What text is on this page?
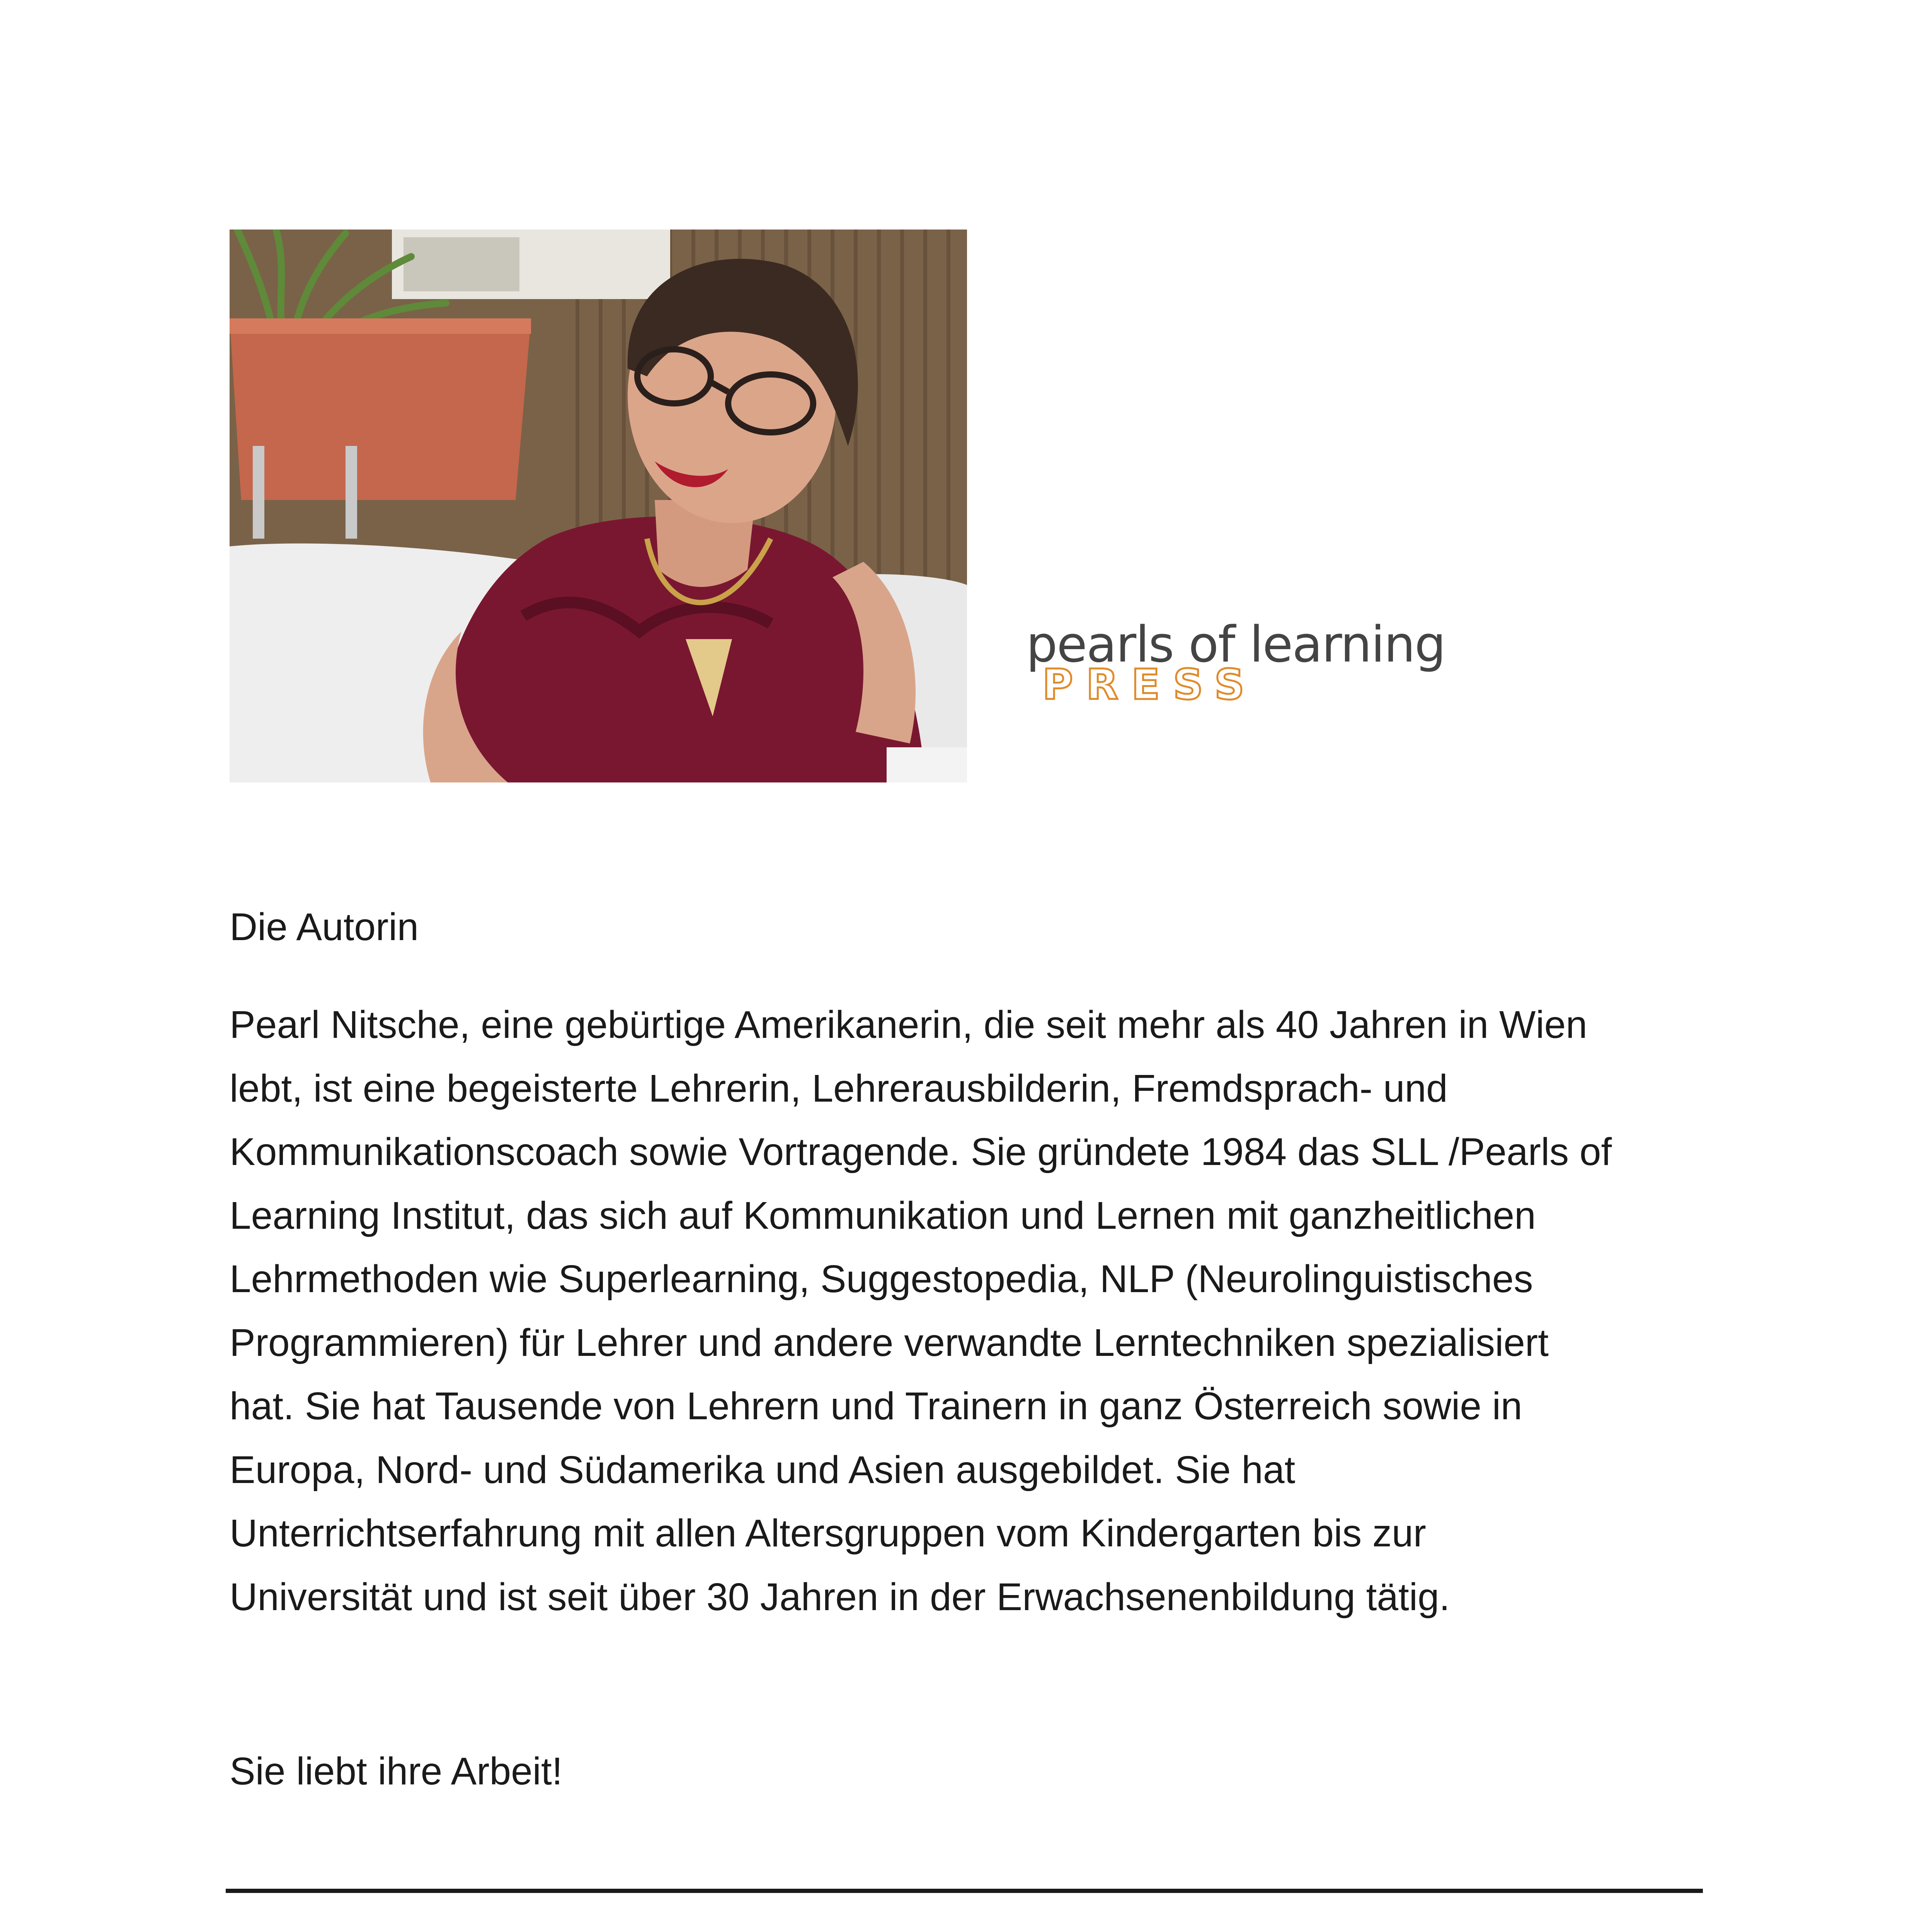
pearls of learning
PRESS
Die Autorin

Pearl Nitsche, eine gebürtige Amerikanerin, die seit mehr als 40 Jahren in Wien
lebt, ist eine begeisterte Lehrerin, Lehrerausbilderin, Fremdsprach- und
Kommunikationscoach sowie Vortragende. Sie gründete 1984 das SLL /Pearls of
Learning Institut, das sich auf Kommunikation und Lernen mit ganzheitlichen
Lehrmethoden wie Superlearning, Suggestopedia, NLP (Neurolinguistisches
Programmieren) für Lehrer und andere verwandte Lerntechniken spezialisiert
hat. Sie hat Tausende von Lehrern und Trainern in ganz Österreich sowie in
Europa, Nord- und Südamerika und Asien ausgebildet. Sie hat
Unterrichtserfahrung mit allen Altersgruppen vom Kindergarten bis zur
Universität und ist seit über 30 Jahren in der Erwachsenenbildung tätig.

Sie liebt ihre Arbeit!
